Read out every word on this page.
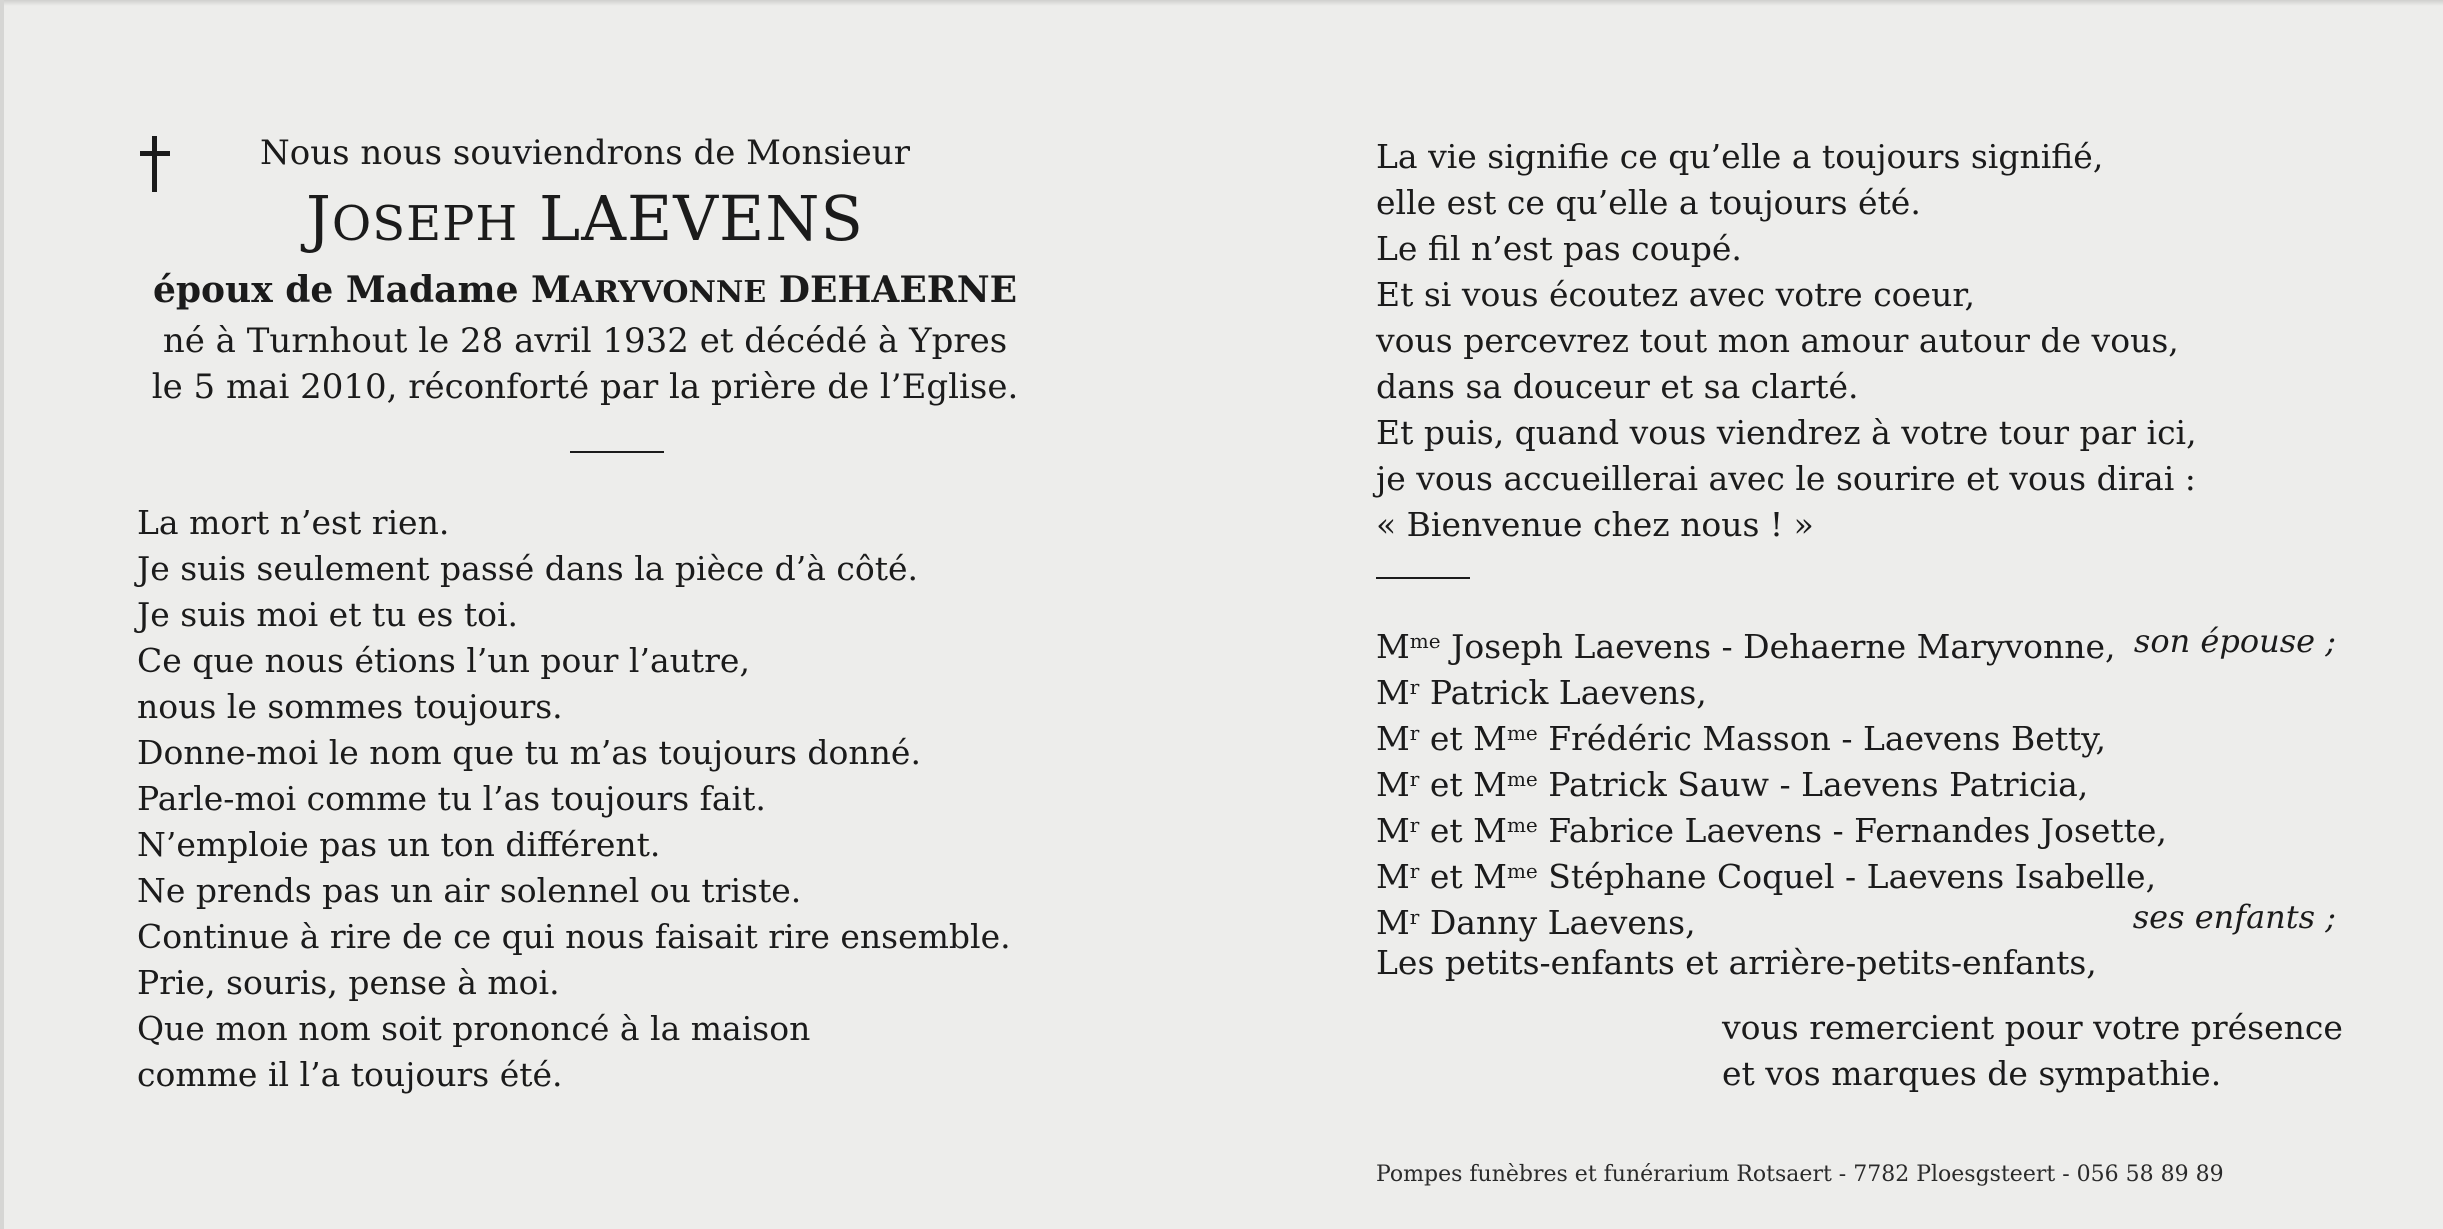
Nous nous souviendrons de Monsieur
JOSEPH LAEVENS
époux de Madame MARYVONNE DEHAERNE
né à Turnhout le 28 avril 1932 et décédé à Ypres
le 5 mai 2010, réconforté par la prière de l’Eglise.
La mort n’est rien.
Je suis seulement passé dans la pièce d’à côté.
Je suis moi et tu es toi.
Ce que nous étions l’un pour l’autre,
nous le sommes toujours.
Donne-moi le nom que tu m’as toujours donné.
Parle-moi comme tu l’as toujours fait.
N’emploie pas un ton différent.
Ne prends pas un air solennel ou triste.
Continue à rire de ce qui nous faisait rire ensemble.
Prie, souris, pense à moi.
Que mon nom soit prononcé à la maison
comme il l’a toujours été.
La vie signifie ce qu’elle a toujours signifié,
elle est ce qu’elle a toujours été.
Le fil n’est pas coupé.
Et si vous écoutez avec votre coeur,
vous percevrez tout mon amour autour de vous,
dans sa douceur et sa clarté.
Et puis, quand vous viendrez à votre tour par ici,
je vous accueillerai avec le sourire et vous dirai :
« Bienvenue chez nous ! »
$M^{me}$ Joseph Laevens - Dehaerne Maryvonne, son épouse ;
$M^r$ Patrick Laevens,
$M^r$ et $M^{me}$ Frédéric Masson - Laevens Betty,
$M^r$ et $M^{me}$ Patrick Sauw - Laevens Patricia,
$M^r$ et $M^{me}$ Fabrice Laevens - Fernandes Josette,
$M^r$ et $M^{me}$ Stéphane Coquel - Laevens Isabelle,
$M^r$ Danny Laevens,	ses enfants ;
Les petits-enfants et arrière-petits-enfants,
vous remercient pour votre présence
et vos marques de sympathie.
Pompes funèbres et funérarium Rotsaert - 7782 Ploesgsteert - 056 58 89 89
